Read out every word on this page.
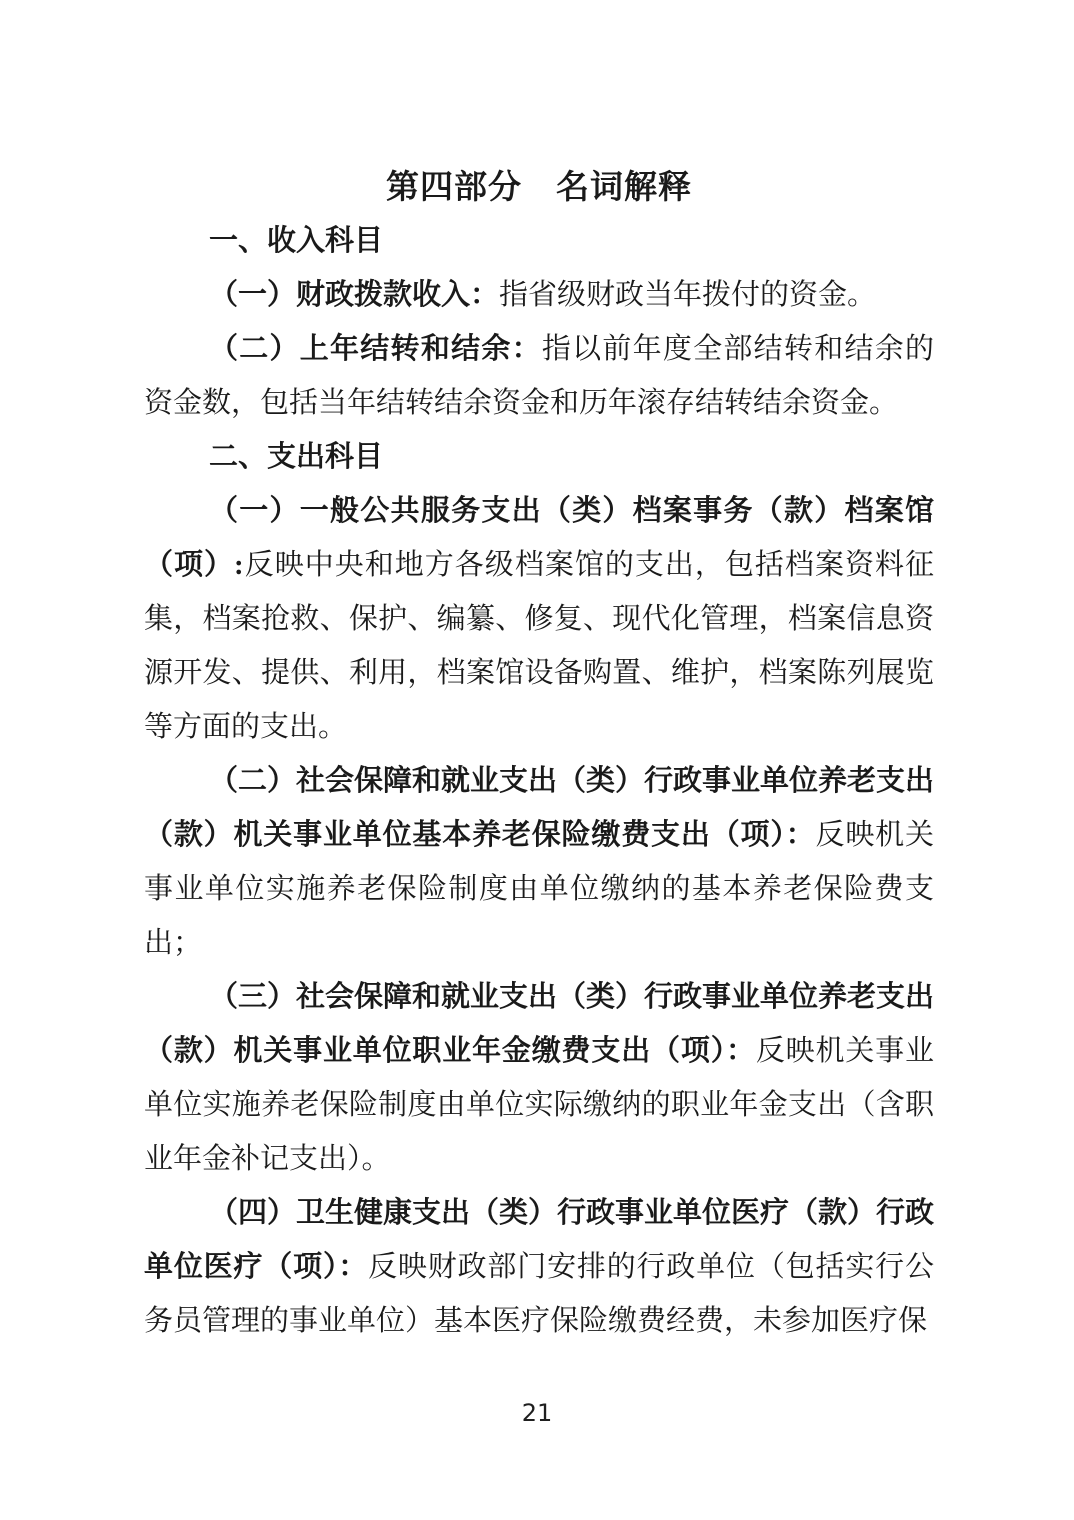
第四部分 名词解释

一、收入科目

（一）财政拨款收入：指省级财政当年拨付的资金。

（二）上年结转和结余：指以前年度全部结转和结余的资金数，包括当年结转结余资金和历年滚存结转结余资金。

二、支出科目

（一）一般公共服务支出（类）档案事务（款）档案馆（项）:反映中央和地方各级档案馆的支出，包括档案资料征集，档案抢救、保护、编纂、修复、现代化管理，档案信息资源开发、提供、利用，档案馆设备购置、维护，档案陈列展览等方面的支出。

（二）社会保障和就业支出（类）行政事业单位养老支出（款）机关事业单位基本养老保险缴费支出（项）：反映机关事业单位实施养老保险制度由单位缴纳的基本养老保险费支出；

（三）社会保障和就业支出（类）行政事业单位养老支出（款）机关事业单位职业年金缴费支出（项）：反映机关事业单位实施养老保险制度由单位实际缴纳的职业年金支出（含职业年金补记支出）。

（四）卫生健康支出（类）行政事业单位医疗（款）行政单位医疗（项）：反映财政部门安排的行政单位（包括实行公务员管理的事业单位）基本医疗保险缴费经费，未参加医疗保

21
